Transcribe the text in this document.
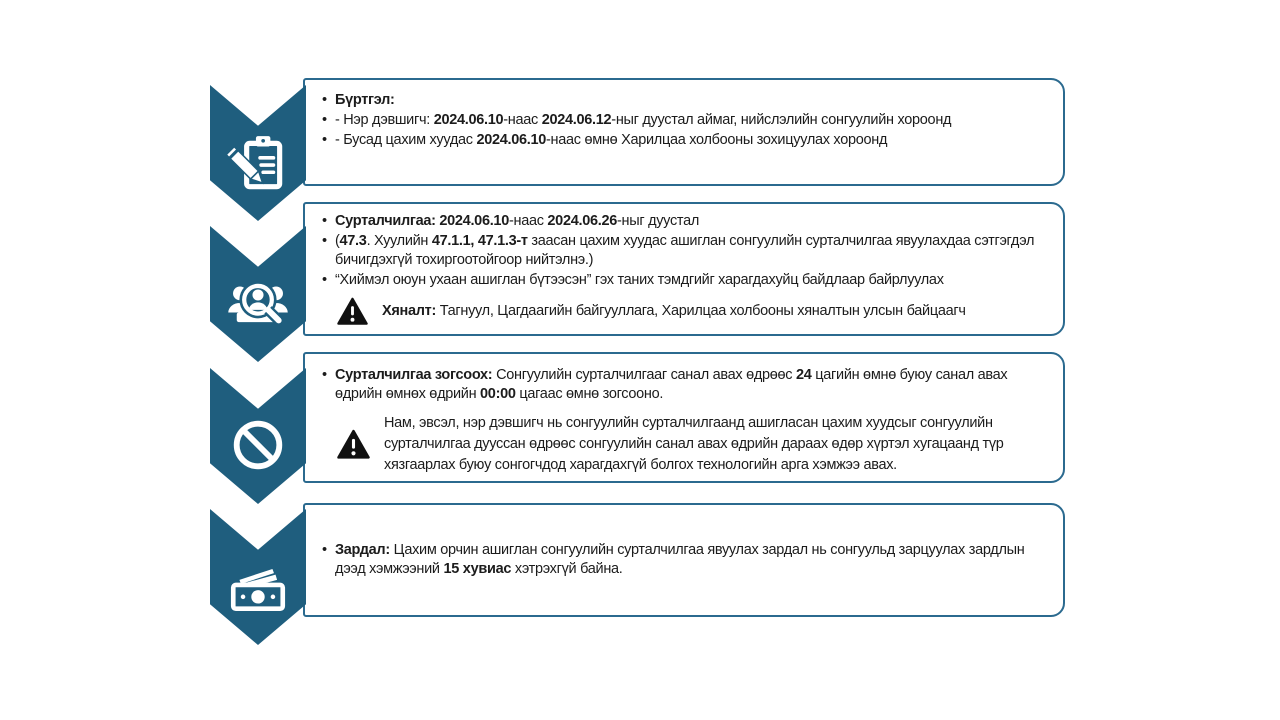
• Бүртгэл:
• - Нэр дэвшигч: 2024.06.10-наас 2024.06.12-ныг дуустал аймаг, нийслэлийн сонгуулийн хороонд
• - Бусад цахим хуудас 2024.06.10-наас өмнө Харилцаа холбооны зохицуулах хороонд
• Сурталчилгаа: 2024.06.10-наас 2024.06.26-ныг дуустал
• (47.3. Хуулийн 47.1.1, 47.1.3-т заасан цахим хуудас ашиглан сонгуулийн сурталчилгаа явуулахдаа сэтгэгдэл бичигдэхгүй тохиргоотойгоор нийтэлнэ.)
• “Хиймэл оюун ухаан ашиглан бүтээсэн” гэх таних тэмдгийг харагдахуйц байдлаар байрлуулах
Хяналт: Тагнуул, Цагдаагийн байгууллага, Харилцаа холбооны хяналтын улсын байцаагч
• Сурталчилгаа зогсоох: Сонгуулийн сурталчилгааг санал авах өдрөөс 24 цагийн өмнө буюу санал авах өдрийн өмнөх өдрийн 00:00 цагаас өмнө зогсооно.
Нам, эвсэл, нэр дэвшигч нь сонгуулийн сурталчилгаанд ашигласан цахим хуудсыг сонгуулийн сурталчилгаа дууссан өдрөөс сонгуулийн санал авах өдрийн дараах өдөр хүртэл хугацаанд түр хязгаарлах буюу сонгогчдод харагдахгүй болгох технологийн арга хэмжээ авах.
• Зардал: Цахим орчин ашиглан сонгуулийн сурталчилгаа явуулах зардал нь сонгуульд зарцуулах зардлын дээд хэмжээний 15 хувиас хэтрэхгүй байна.
